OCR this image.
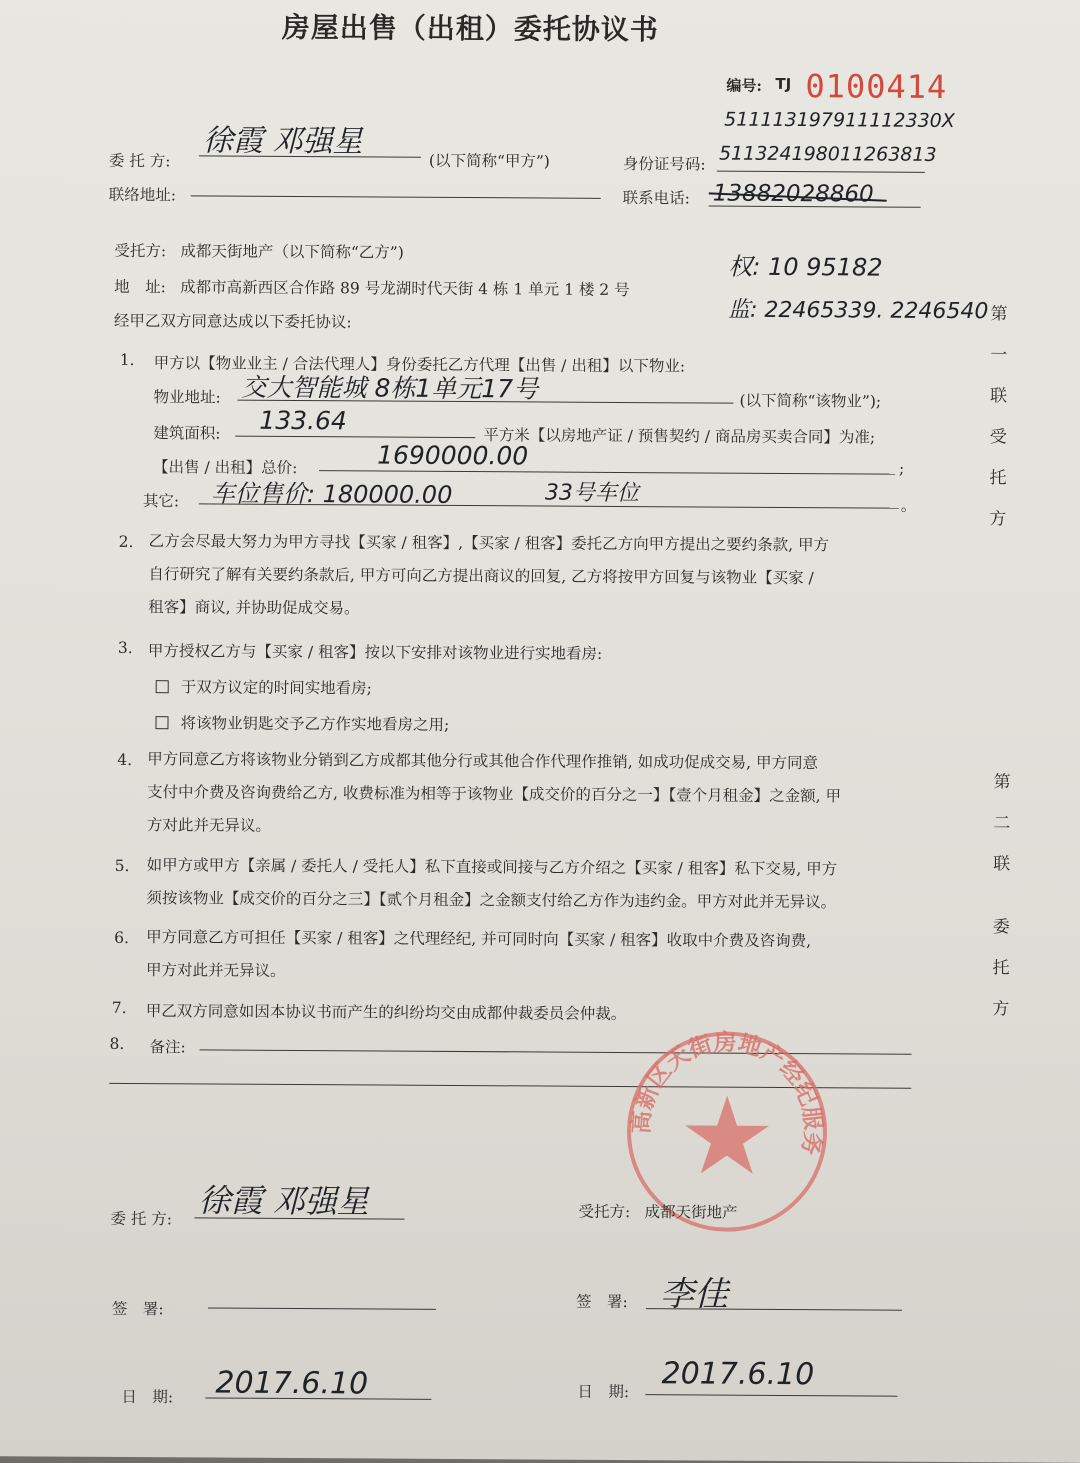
房屋出售（出租）委托协议书
编号: TJ 0100414
委 托 方:
徐霞 邓强星
(以下简称“甲方”)
511113197911112330X
身份证号码: 511324198011263813
联络地址:	联系电话: 13882028860
受托方: 成都天街地产（以下简称“乙方”)
地　址: 成都市高新西区合作路 89 号龙湖时代天街 4 栋 1 单元 1 楼 2 号
权: 10 95182
监: 22465339. 2246540
经甲乙双方同意达成以下委托协议:
1. 甲方以【物业业主 / 合法代理人】身份委托乙方代理【出售 / 出租】以下物业:
物业地址: 交大智能城 8栋1单元17号	(以下简称“该物业”);
建筑面积: 133.64
平方米【以房地产证 / 预售契约 / 商品房买卖合同】为准;
【出售 / 出租】总价:	1690000.00	;
其它: 车位售价: 180000.00	33号车位	。
2. 乙方会尽最大努力为甲方寻找【买家 / 租客】,【买家 / 租客】委托乙方向甲方提出之要约条款, 甲方
自行研究了解有关要约条款后, 甲方可向乙方提出商议的回复, 乙方将按甲方回复与该物业【买家 /
租客】商议, 并协助促成交易。
3. 甲方授权乙方与【买家 / 租客】按以下安排对该物业进行实地看房:
于双方议定的时间实地看房;
将该物业钥匙交予乙方作实地看房之用;
4. 甲方同意乙方将该物业分销到乙方成都其他分行或其他合作代理作推销, 如成功促成交易, 甲方同意
支付中介费及咨询费给乙方, 收费标准为相等于该物业【成交价的百分之一】【壹个月租金】之金额, 甲
方对此并无异议。
5. 如甲方或甲方【亲属 / 委托人 / 受托人】私下直接或间接与乙方介绍之【买家 / 租客】私下交易, 甲方
须按该物业【成交价的百分之三】【贰个月租金】之金额支付给乙方作为违约金。甲方对此并无异议。
6. 甲方同意乙方可担任【买家 / 租客】之代理经纪, 并可同时向【买家 / 租客】收取中介费及咨询费,
甲方对此并无异议。
7. 甲乙双方同意如因本协议书而产生的纠纷均交由成都仲裁委员会仲裁。
8. 备注:
高新区天街房地产经纪服务部
委 托 方: 徐霞 邓强星	受托方: 成都天街地产
签　署:	签　署: 李佳
日　期: 2017.6.10	日　期: 2017.6.10
第
一
联
受
托
方
第
二
联
委
托
方
